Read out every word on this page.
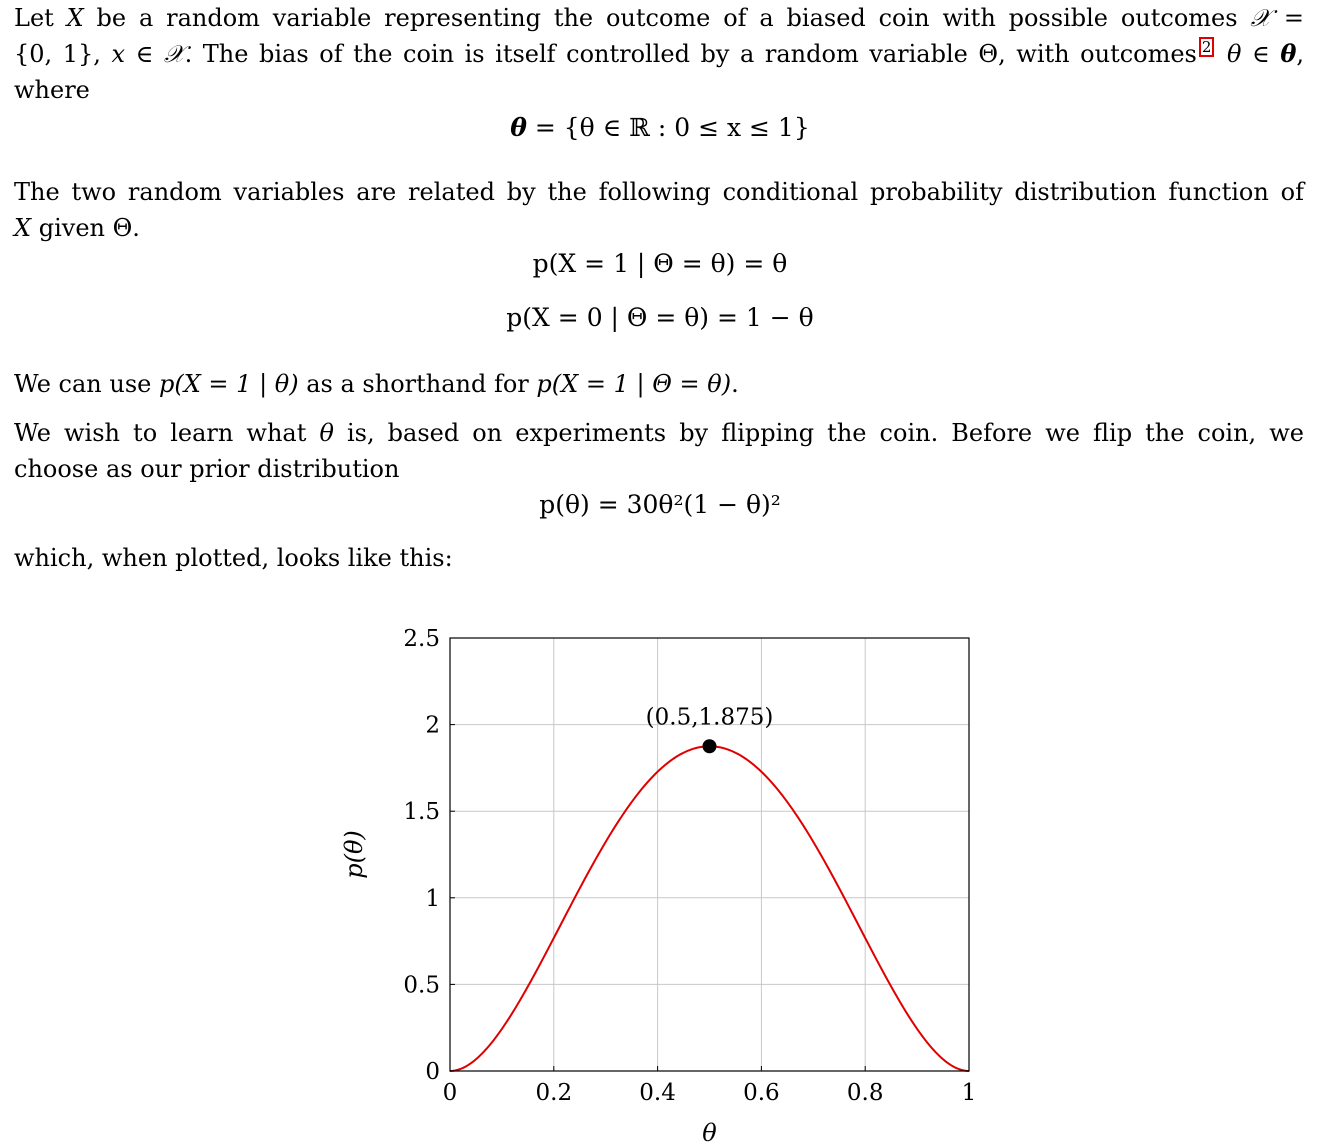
Let X be a random variable representing the outcome of a biased coin with possible outcomes 𝒳 =
{0, 1}, x ∈ 𝒳. The bias of the coin is itself controlled by a random variable Θ, with outcomes 2 θ ∈ θ,
where
θ = {θ ∈ ℝ : 0 ≤ x ≤ 1}
The two random variables are related by the following conditional probability distribution function of
X given Θ.
p(X = 1 | Θ = θ) = θ
p(X = 0 | Θ = θ) = 1 − θ
We can use p(X = 1 | θ) as a shorthand for p(X = 1 | Θ = θ).
We wish to learn what θ is, based on experiments by flipping the coin. Before we flip the coin, we
choose as our prior distribution
p(θ) = 30θ²(1 − θ)²
which, when plotted, looks like this:
0	0.2	0.4	0.6	0.8	1
0
0.5
1
1.5
2
2.5
(0.5,1.875)
θ
p(θ)
